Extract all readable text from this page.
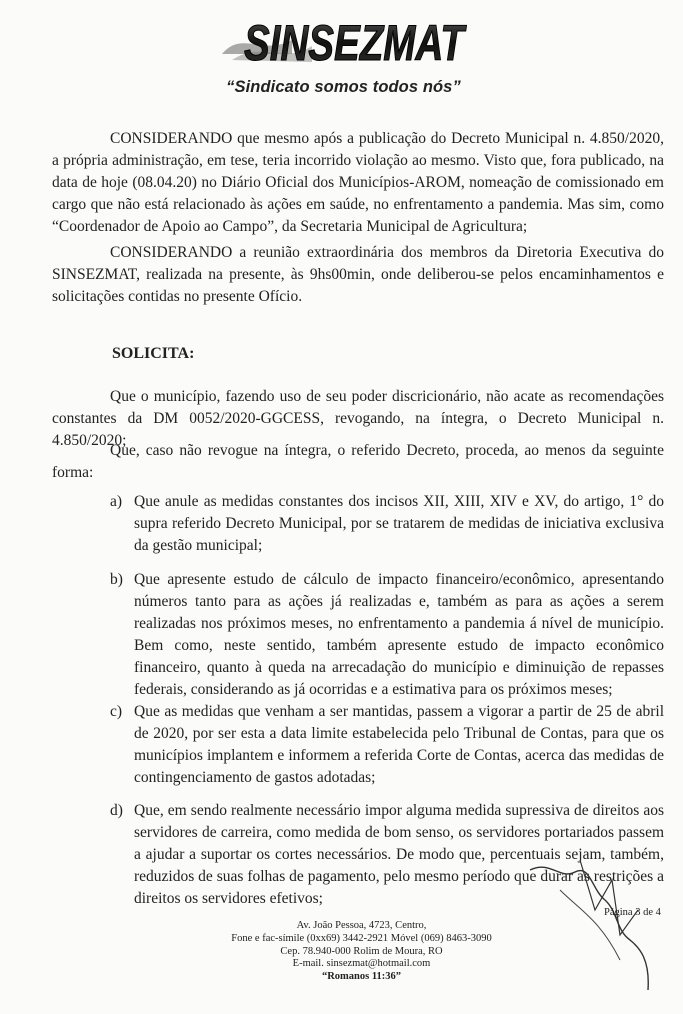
SINSEZMAT
“Sindicato somos todos nós”

CONSIDERANDO que mesmo após a publicação do Decreto Municipal n. 4.850/2020, a própria administração, em tese, teria incorrido violação ao mesmo. Visto que, fora publicado, na data de hoje (08.04.20) no Diário Oficial dos Municípios-AROM, nomeação de comissionado em cargo que não está relacionado às ações em saúde, no enfrentamento a pandemia. Mas sim, como “Coordenador de Apoio ao Campo”, da Secretaria Municipal de Agricultura;

CONSIDERANDO a reunião extraordinária dos membros da Diretoria Executiva do SINSEZMAT, realizada na presente, às 9hs00min, onde deliberou-se pelos encaminhamentos e solicitações contidas no presente Ofício.

SOLICITA:

Que o município, fazendo uso de seu poder discricionário, não acate as recomendações constantes da DM 0052/2020-GGCESS, revogando, na íntegra, o Decreto Municipal n. 4.850/2020;

Que, caso não revogue na íntegra, o referido Decreto, proceda, ao menos da seguinte forma:

a) Que anule as medidas constantes dos incisos XII, XIII, XIV e XV, do artigo, 1° do supra referido Decreto Municipal, por se tratarem de medidas de iniciativa exclusiva da gestão municipal;
b) Que apresente estudo de cálculo de impacto financeiro/econômico, apresentando números tanto para as ações já realizadas e, também as para as ações a serem realizadas nos próximos meses, no enfrentamento a pandemia á nível de município. Bem como, neste sentido, também apresente estudo de impacto econômico financeiro, quanto à queda na arrecadação do município e diminuição de repasses federais, considerando as já ocorridas e a estimativa para os próximos meses;
c) Que as medidas que venham a ser mantidas, passem a vigorar a partir de 25 de abril de 2020, por ser esta a data limite estabelecida pelo Tribunal de Contas, para que os municípios implantem e informem a referida Corte de Contas, acerca das medidas de contingenciamento de gastos adotadas;
d) Que, em sendo realmente necessário impor alguma medida supressiva de direitos aos servidores de carreira, como medida de bom senso, os servidores portariados passem a ajudar a suportar os cortes necessários. De modo que, percentuais sejam, também, reduzidos de suas folhas de pagamento, pelo mesmo período que durar as restrições a direitos os servidores efetivos;
Página 3 de 4
Av. João Pessoa, 4723, Centro,
Fone e fac-símile (0xx69) 3442-2921 Móvel (069) 8463-3090
Cep. 78.940-000 Rolim de Moura, RO
E-mail. sinsezmat@hotmail.com
“Romanos 11:36”
